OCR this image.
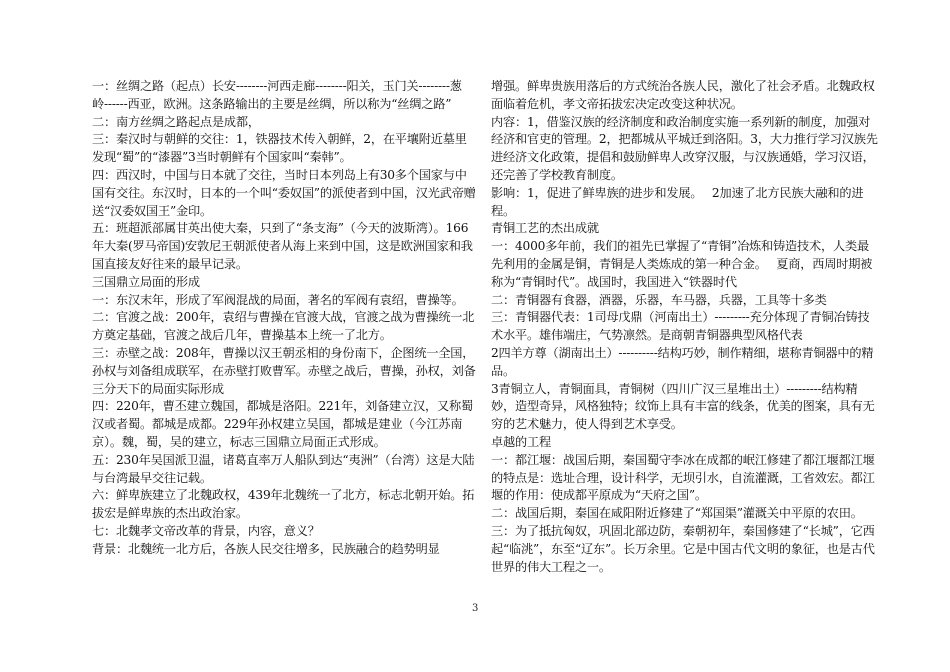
一：丝绸之路（起点）长安--------河西走廊--------阳关，玉门关--------葱岭------西亚，欧洲。这条路输出的主要是丝绸，所以称为“丝绸之路”

二：南方丝绸之路起点是成都，

三：秦汉时与朝鲜的交往：1，铁器技术传入朝鲜，2，在平壤附近墓里发现“蜀”的“漆器”3当时朝鲜有个国家叫“秦韩”。

四：西汉时，中国与日本就了交往，当时日本列岛上有30多个国家与中国有交往。东汉时，日本的一个叫“委奴国”的派使者到中国，汉光武帝赠送“汉委奴国王”金印。

五：班超派部属甘英出使大秦，只到了“条支海”（今天的波斯湾）。166年大秦(罗马帝国)安敦尼王朝派使者从海上来到中国，这是欧洲国家和我国直接友好往来的最早记录。

三国鼎立局面的形成

一：东汉末年，形成了军阀混战的局面，著名的军阀有袁绍，曹操等。

二：官渡之战：200年，袁绍与曹操在官渡大战，官渡之战为曹操统一北方奠定基础，官渡之战后几年，曹操基本上统一了北方。

三：赤壁之战：208年，曹操以汉王朝丞相的身份南下，企图统一全国，孙权与刘备组成联军，在赤壁打败曹军。赤壁之战后，曹操，孙权，刘备三分天下的局面实际形成

四：220年，曹丕建立魏国，都城是洛阳。221年，刘备建立汉，又称蜀汉或者蜀。都城是成都。229年孙权建立吴国，都城是建业（今江苏南京）。魏，蜀，吴的建立，标志三国鼎立局面正式形成。

五：230年吴国派卫温，诸葛直率万人船队到达“夷洲”（台湾）这是大陆与台湾最早交往记载。

六：鲜卑族建立了北魏政权，439年北魏统一了北方，标志北朝开始。拓拔宏是鲜卑族的杰出政治家。

七：北魏孝文帝改革的背景，内容，意义？

背景：北魏统一北方后，各族人民交往增多，民族融合的趋势明显

增强。鲜卑贵族用落后的方式统治各族人民，激化了社会矛盾。北魏政权面临着危机，孝文帝拓拔宏决定改变这种状况。

内容：1，借鉴汉族的经济制度和政治制度实施一系列新的制度，加强对经济和官吏的管理。2，把都城从平城迁到洛阳。3，大力推行学习汉族先进经济文化政策，提倡和鼓励鲜卑人改穿汉服，与汉族通婚，学习汉语，还完善了学校教育制度。

影响：1，促进了鲜卑族的进步和发展。　 2加速了北方民族大融和的进程。

青铜工艺的杰出成就

一：4000多年前，我们的祖先已掌握了“青铜”冶炼和铸造技术，人类最先利用的金属是铜，青铜是人类炼成的第一种合金。　 夏商，西周时期被称为“青铜时代”。战国时，我国进入“铁器时代

二：青铜器有食器，酒器，乐器，车马器，兵器，工具等十多类

三：青铜器代表：1司母戊鼎（河南出土）---------充分体现了青铜冶铸技术水平。雄伟端庄，气势凛然。是商朝青铜器典型风格代表

2四羊方尊（湖南出土）----------结构巧妙，制作精细，堪称青铜器中的精品。

3青铜立人，青铜面具，青铜树（四川广汉三星堆出土）---------结构精妙，造型奇异，风格独特；纹饰上具有丰富的线条，优美的图案，具有无穷的艺术魅力，使人得到艺术享受。

卓越的工程

一：都江堰：战国后期，秦国蜀守李冰在成都的岷江修建了都江堰都江堰的特点是：选址合理，设计科学，无坝引水，自流灌溉，工省效宏。都江堰的作用：使成都平原成为“天府之国”。

二：战国后期，秦国在咸阳附近修建了“郑国渠”灌溉关中平原的农田。

三：为了抵抗匈奴，巩固北部边防，秦朝初年，秦国修建了“长城”，它西起“临洮”，东至“辽东”。长万余里。它是中国古代文明的象征，也是古代世界的伟大工程之一。

3
